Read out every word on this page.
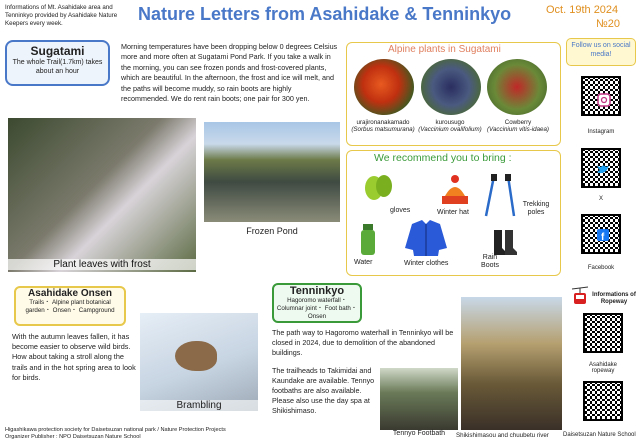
Informations of Mt. Asahidake area and Tenninkyo provided by Asahidake Nature Keepers every week.	Nature Letters from Asahidake & Tenninkyo	Oct. 19th 2024
№20
Sugatami

The whole Trail(1.7km) takes about an hour

Morning temperatures have been dropping below 0 degrees Celsius more and more often at Sugatami Pond Park. If you take a walk in the morning, you can see frozen ponds and frost-covered plants, which are beautiful. In the afternoon, the frost and ice will melt, and the paths will become muddy, so rain boots are highly recommended. We do rent rain boots; one pair for 300 yen.
Plant leaves with frost
Frozen Pond
Alpine plants in Sugatami
urajironanakamado
(Sorbus matsumurana)
kurousugo
(Vaccinium ovalifolium)
Cowberry
(Vaccinium vitis-idaea)
We recommend you to bring :
gloves	Winter hat
Trekking poles
Water	Winter clothes
Rain Boots
Follow us on social media!
Instagram
X
f
Facebook
Informations of Ropeway
Asahidake ropeway
Daisetsuzan Nature School
Asahidake Onsen

Trails・ Alpine plant botanical garden・ Onsen・ Campground

With the autumn leaves fallen, it has become easier to observe wild birds. How about taking a stroll along the trails and in the hot spring area to look for birds.
Brambling
Tenninkyo

Hagoromo waterfall・ Columnar joint・ Foot bath・ Onsen

The path way to Hagoromo waterhall in Tenninkyo will be closed in 2024, due to demolition of the abandoned buildings.
The trailheads to Takimidai and Kaundake are available. Tennyo footbaths are also available. Please also use the day spa at Shikishimaso.
Tennyo Footbath	Shikishimasou and chuubetu river
Higashikawa protection society for Daisetsuzan national park / Nature Protection Projects
Organizer Publisher : NPO Daisetsuzan Nature School
